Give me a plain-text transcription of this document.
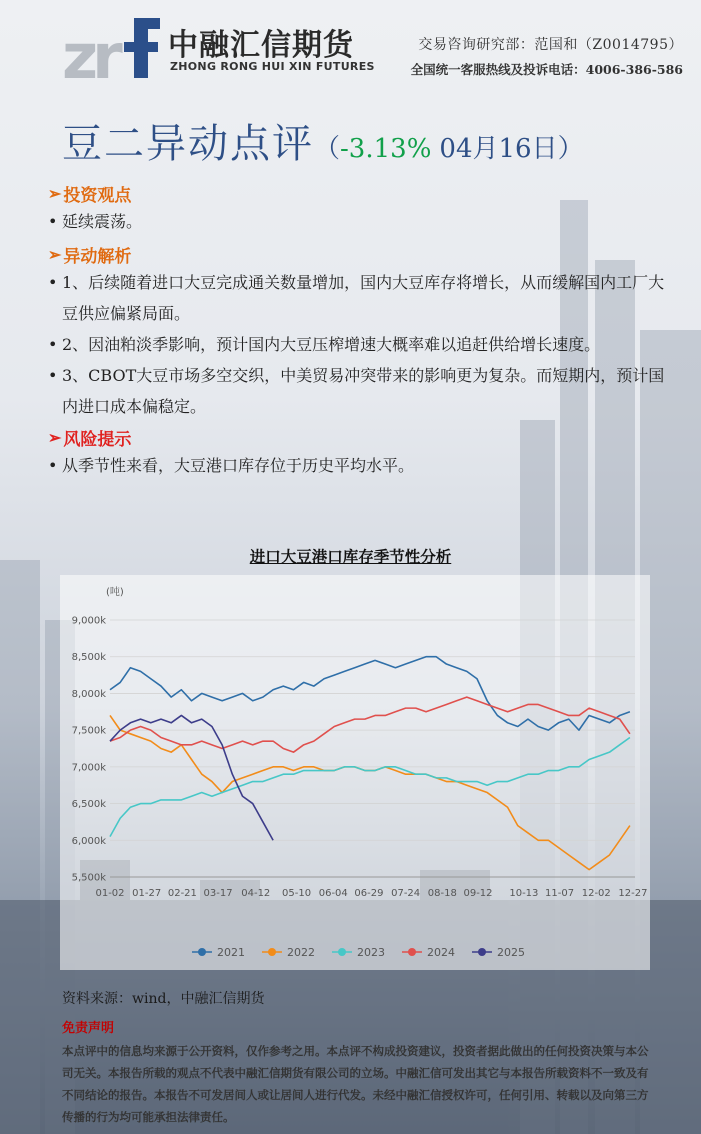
zr 中融汇信期货
ZHONG RONG HUI XIN FUTURES
交易咨询研究部：范国和（Z0014795）
全国统一客服热线及投诉电话：4006-386-586
豆二异动点评（-3.13% 04月16日）
➢ 投资观点
• 延续震荡。
➢ 异动解析
• 1、后续随着进口大豆完成通关数量增加，国内大豆库存将增长，从而缓解国内工厂大豆供应偏紧局面。
• 2、因油粕淡季影响，预计国内大豆压榨增速大概率难以追赶供给增长速度。
• 3、CBOT大豆市场多空交织，中美贸易冲突带来的影响更为复杂。而短期内，预计国内进口成本偏稳定。
➢ 风险提示
• 从季节性来看，大豆港口库存位于历史平均水平。
进口大豆港口库存季节性分析
(吨)
5,500k
6,000k
6,500k
7,000k
7,500k
8,000k
8,500k
9,000k
01-02 01-27 02-21 03-17 04-12 05-10 06-04 06-29 07-24 08-18 09-12 10-13 11-07 12-02 12-27
2021	2022	2023	2024	2025
资料来源：wind，中融汇信期货
免责声明
本点评中的信息均来源于公开资料，仅作参考之用。本点评不构成投资建议，投资者据此做出的任何投资决策与本公司无关。本报告所载的观点不代表中融汇信期货有限公司的立场。中融汇信可发出其它与本报告所载资料不一致及有不同结论的报告。本报告不可发居间人或让居间人进行代发。未经中融汇信授权许可，任何引用、转载以及向第三方传播的行为均可能承担法律责任。
